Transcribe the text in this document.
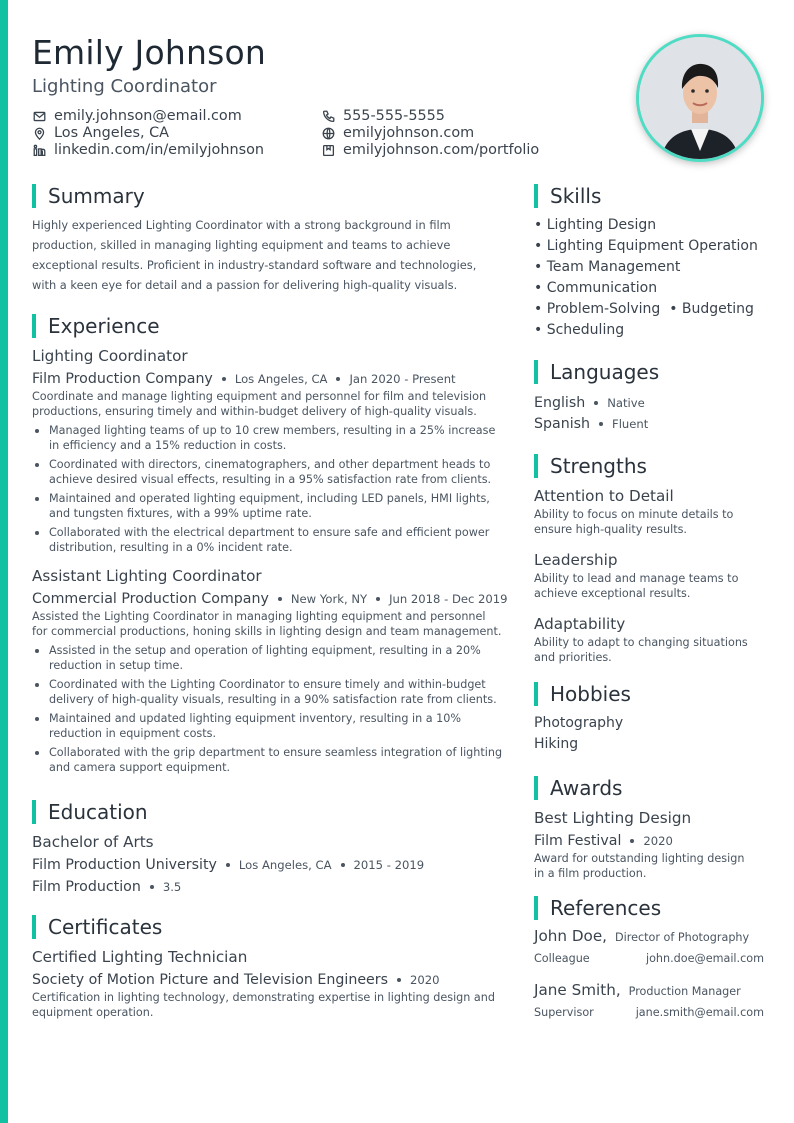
Emily Johnson
Lighting Coordinator
emily.johnson@email.com
Los Angeles, CA
linkedin.com/in/emilyjohnson
555-555-5555
emilyjohnson.com
emilyjohnson.com/portfolio
Summary
Highly experienced Lighting Coordinator with a strong background in film
production, skilled in managing lighting equipment and teams to achieve
exceptional results. Proficient in industry-standard software and technologies,
with a keen eye for detail and a passion for delivering high-quality visuals.
Experience
Lighting Coordinator
Film Production Company Los Angeles, CA Jan 2020 - Present
Coordinate and manage lighting equipment and personnel for film and television
productions, ensuring timely and within-budget delivery of high-quality visuals.
Managed lighting teams of up to 10 crew members, resulting in a 25% increase
in efficiency and a 15% reduction in costs.
Coordinated with directors, cinematographers, and other department heads to
achieve desired visual effects, resulting in a 95% satisfaction rate from clients.
Maintained and operated lighting equipment, including LED panels, HMI lights,
and tungsten fixtures, with a 99% uptime rate.
Collaborated with the electrical department to ensure safe and efficient power
distribution, resulting in a 0% incident rate.
Assistant Lighting Coordinator
Commercial Production Company New York, NY Jun 2018 - Dec 2019
Assisted the Lighting Coordinator in managing lighting equipment and personnel
for commercial productions, honing skills in lighting design and team management.
Assisted in the setup and operation of lighting equipment, resulting in a 20%
reduction in setup time.
Coordinated with the Lighting Coordinator to ensure timely and within-budget
delivery of high-quality visuals, resulting in a 90% satisfaction rate from clients.
Maintained and updated lighting equipment inventory, resulting in a 10%
reduction in equipment costs.
Collaborated with the grip department to ensure seamless integration of lighting
and camera support equipment.
Education
Bachelor of Arts
Film Production University Los Angeles, CA 2015 - 2019
Film Production 3.5
Certificates
Certified Lighting Technician
Society of Motion Picture and Television Engineers 2020
Certification in lighting technology, demonstrating expertise in lighting design and
equipment operation.
Skills
• Lighting Design
• Lighting Equipment Operation
• Team Management
• Communication
• Problem-Solving  • Budgeting
• Scheduling
Languages
English Native
Spanish Fluent
Strengths
Attention to Detail
Ability to focus on minute details to
ensure high-quality results.
Leadership
Ability to lead and manage teams to
achieve exceptional results.
Adaptability
Ability to adapt to changing situations
and priorities.
Hobbies
Photography
Hiking
Awards
Best Lighting Design
Film Festival 2020
Award for outstanding lighting design
in a film production.
References
John Doe, Director of Photography
Colleague	john.doe@email.com
Jane Smith, Production Manager
Supervisor	jane.smith@email.com
